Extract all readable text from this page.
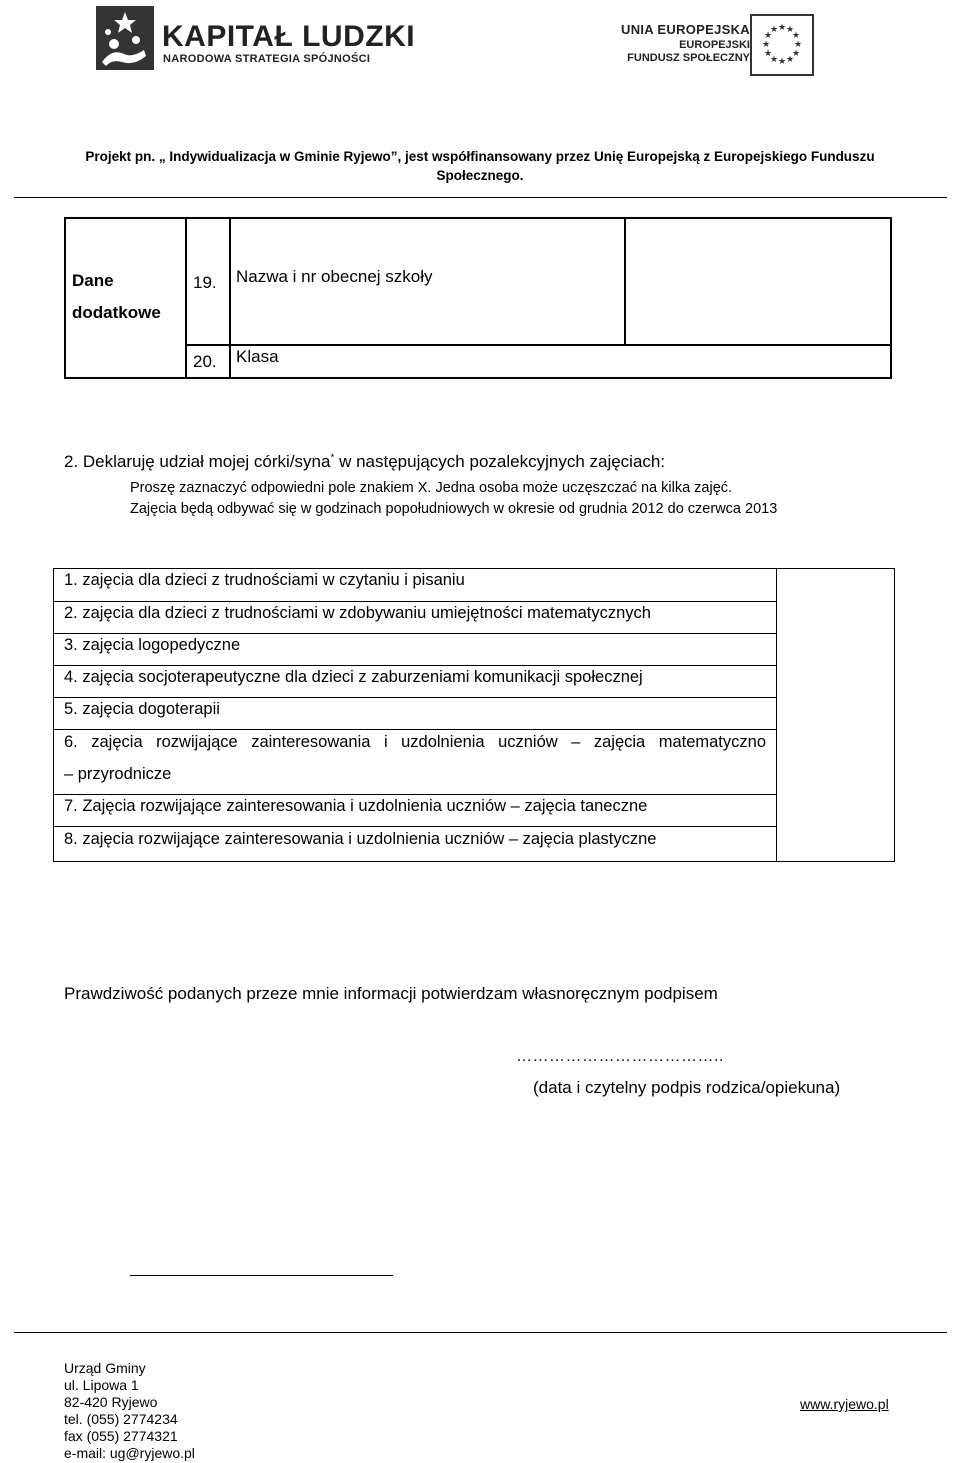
KAPITAŁ LUDZKI
NARODOWA STRATEGIA SPÓJNOŚCI
UNIA EUROPEJSKA
EUROPEJSKI
FUNDUSZ SPOŁECZNY
★ ★
★
★
★
★
★
★
★
★
★
★
Projekt pn. „ Indywidualizacja w Gminie Ryjewo”, jest współfinansowany przez Unię Europejską z Europejskiego Funduszu
Społecznego.
Dane
dodatkowe
19. Nazwa i nr obecnej szkoły
20. Klasa
2. Deklaruję udział mojej córki/syna* w następujących pozalekcyjnych zajęciach:
Proszę zaznaczyć odpowiedni pole znakiem X. Jedna osoba może uczęszczać na kilka zajęć.
Zajęcia będą odbywać się w godzinach popołudniowych w okresie od grudnia 2012 do czerwca 2013
1. zajęcia dla dzieci z trudnościami w czytaniu i pisaniu
2. zajęcia dla dzieci z trudnościami w zdobywaniu umiejętności matematycznych
3. zajęcia logopedyczne
4. zajęcia socjoterapeutyczne dla dzieci z zaburzeniami komunikacji społecznej
5. zajęcia dogoterapii
6. zajęcia rozwijające zainteresowania i uzdolnienia uczniów – zajęcia matematyczno
– przyrodnicze
7. Zajęcia rozwijające zainteresowania i uzdolnienia uczniów – zajęcia taneczne
8. zajęcia rozwijające zainteresowania i uzdolnienia uczniów – zajęcia plastyczne
Prawdziwość podanych przeze mnie informacji potwierdzam własnoręcznym podpisem
………………………………..
(data i czytelny podpis rodzica/opiekuna)
Urząd Gminy
ul. Lipowa 1
82-420 Ryjewo
tel. (055) 2774234
fax (055) 2774321
e-mail: ug@ryjewo.pl
www.ryjewo.pl
